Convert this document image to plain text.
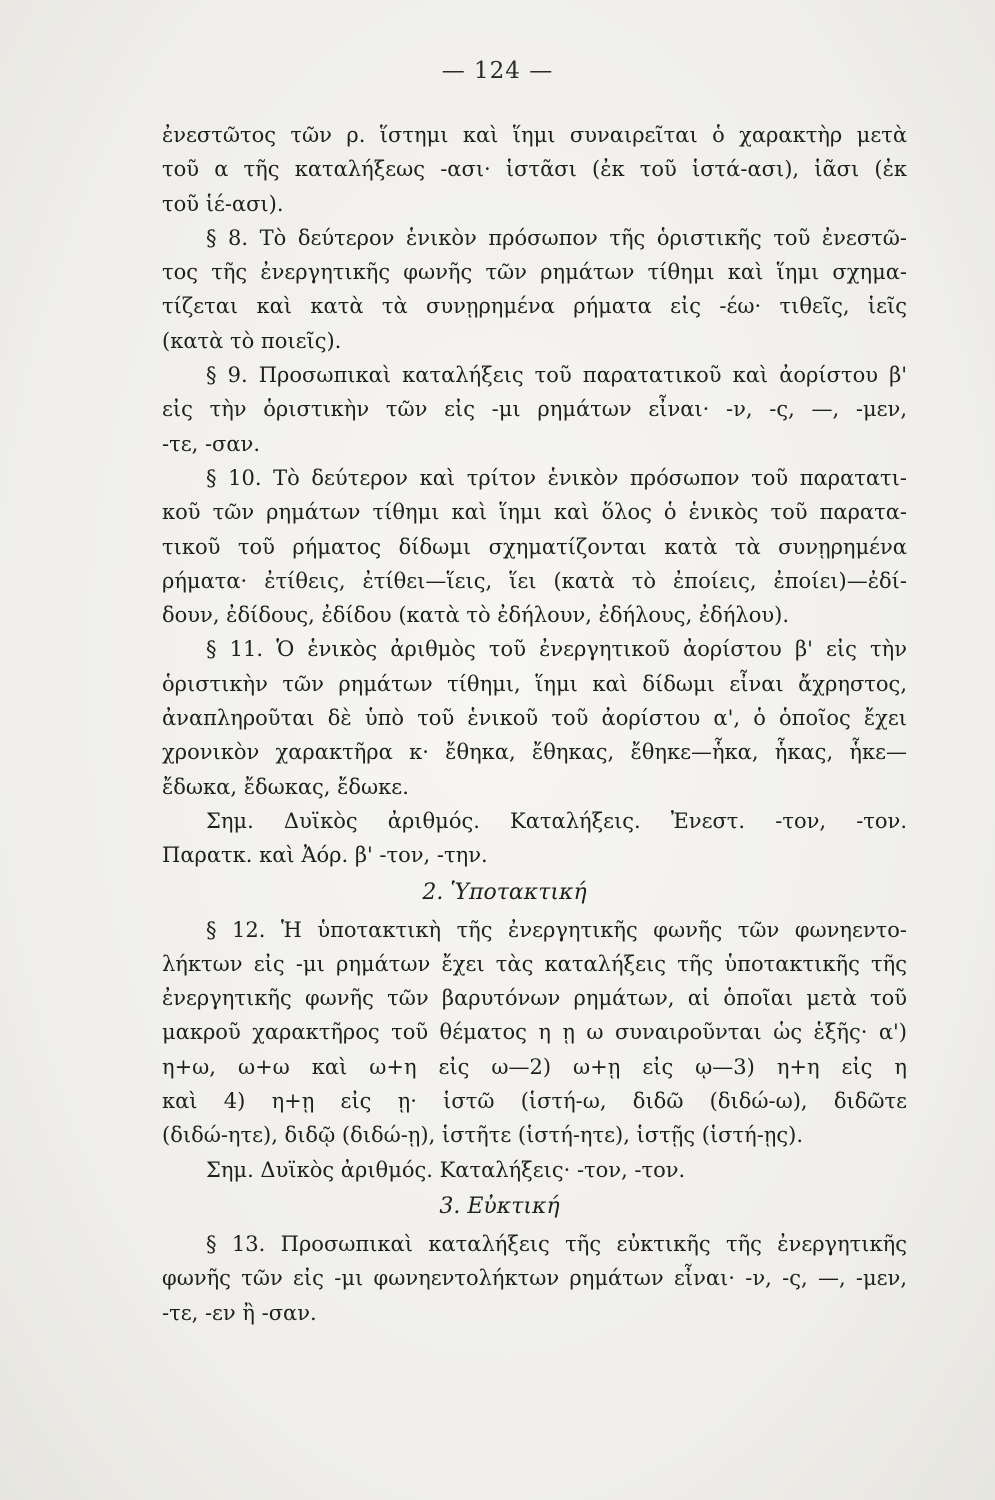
— 124 —
ἐνεστῶτος τῶν ρ. ἵστημι καὶ ἵημι συναιρεῖται ὁ χαρακτὴρ μετὰ
τοῦ α τῆς καταλήξεως -ασι· ἱστᾶσι (ἐκ τοῦ ἱστά-ασι), ἱᾶσι (ἐκ
τοῦ ἱέ-ασι).
§ 8. Τὸ δεύτερον ἑνικὸν πρόσωπον τῆς ὁριστικῆς τοῦ ἐνεστῶ-
τος τῆς ἐνεργητικῆς φωνῆς τῶν ρημάτων τίθημι καὶ ἵημι σχημα-
τίζεται καὶ κατὰ τὰ συνῃρημένα ρήματα εἰς -έω· τιθεῖς, ἱεῖς
(κατὰ τὸ ποιεῖς).
§ 9. Προσωπικαὶ καταλήξεις τοῦ παρατατικοῦ καὶ ἀορίστου β'
εἰς τὴν ὁριστικὴν τῶν εἰς -μι ρημάτων εἶναι· -ν, -ς, —, -μεν,
-τε, -σαν.
§ 10. Τὸ δεύτερον καὶ τρίτον ἑνικὸν πρόσωπον τοῦ παρατατι-
κοῦ τῶν ρημάτων τίθημι καὶ ἵημι καὶ ὅλος ὁ ἑνικὸς τοῦ παρατα-
τικοῦ τοῦ ρήματος δίδωμι σχηματίζονται κατὰ τὰ συνῃρημένα
ρήματα· ἐτίθεις, ἐτίθει—ἵεις, ἵει (κατὰ τὸ ἐποίεις, ἐποίει)—ἐδί-
δουν, ἐδίδους, ἐδίδου (κατὰ τὸ ἐδήλουν, ἐδήλους, ἐδήλου).
§ 11. Ὁ ἑνικὸς ἀριθμὸς τοῦ ἐνεργητικοῦ ἀορίστου β' εἰς τὴν
ὁριστικὴν τῶν ρημάτων τίθημι, ἵημι καὶ δίδωμι εἶναι ἄχρηστος,
ἀναπληροῦται δὲ ὑπὸ τοῦ ἑνικοῦ τοῦ ἀορίστου α', ὁ ὁποῖος ἔχει
χρονικὸν χαρακτῆρα κ· ἔθηκα, ἔθηκας, ἔθηκε—ἧκα, ἧκας, ἧκε—
ἔδωκα, ἔδωκας, ἔδωκε.
Σημ. Δυϊκὸς ἀριθμός. Καταλήξεις. Ἐνεστ. -τον, -τον.
Παρατκ. καὶ Ἀόρ. β' -τον, -την.
2. Ὑποτακτική
§ 12. Ἡ ὑποτακτικὴ τῆς ἐνεργητικῆς φωνῆς τῶν φωνηεντο-
λήκτων εἰς -μι ρημάτων ἔχει τὰς καταλήξεις τῆς ὑποτακτικῆς τῆς
ἐνεργητικῆς φωνῆς τῶν βαρυτόνων ρημάτων, αἱ ὁποῖαι μετὰ τοῦ
μακροῦ χαρακτῆρος τοῦ θέματος η ῃ ω συναιροῦνται ὡς ἑξῆς· α')
η+ω, ω+ω καὶ ω+η εἰς ω—2) ω+ῃ εἰς ῳ—3) η+η εἰς η
καὶ 4) η+ῃ εἰς ῃ· ἱστῶ (ἱστή-ω, διδῶ (διδώ-ω), διδῶτε
(διδώ-ητε), διδῷ (διδώ-ῃ), ἱστῆτε (ἱστή-ητε), ἱστῇς (ἱστή-ῃς).
Σημ. Δυϊκὸς ἀριθμός. Καταλήξεις· -τον, -τον.
3. Εὐκτική
§ 13. Προσωπικαὶ καταλήξεις τῆς εὐκτικῆς τῆς ἐνεργητικῆς
φωνῆς τῶν εἰς -μι φωνηεντολήκτων ρημάτων εἶναι· -ν, -ς, —, -μεν,
-τε, -εν ἢ -σαν.
